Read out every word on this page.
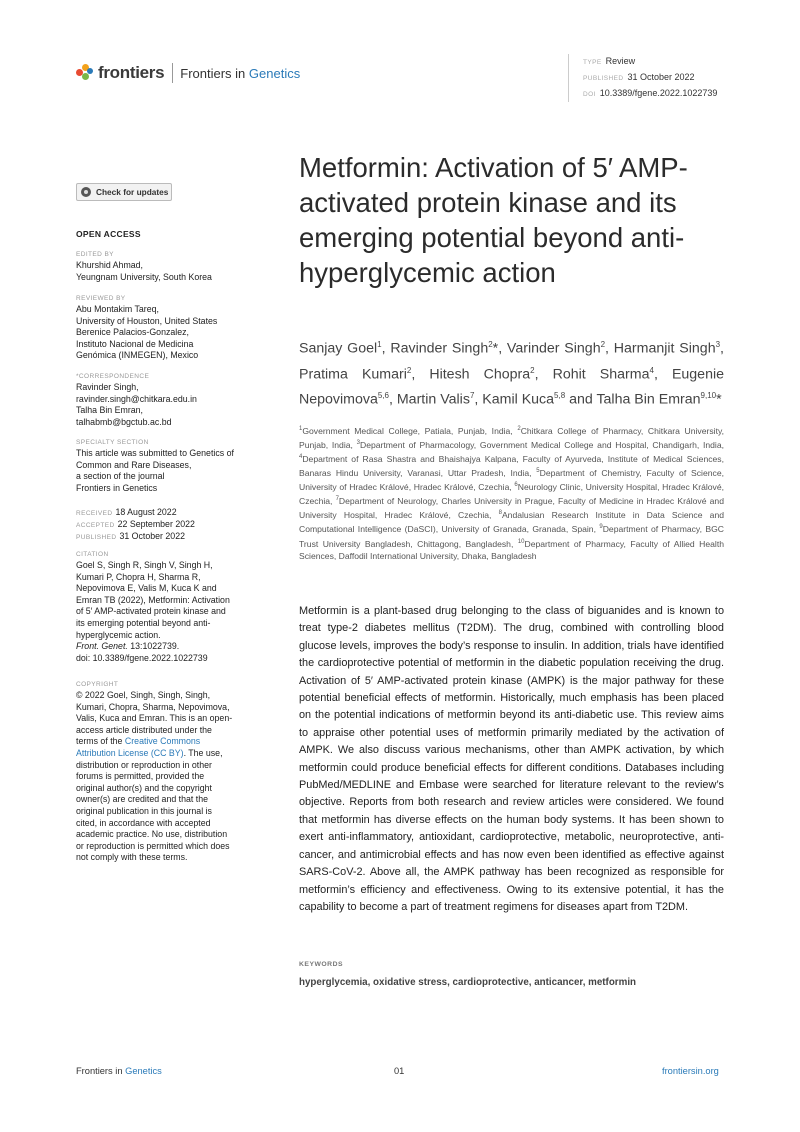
frontiers Frontiers in Genetics
TYPE Review
PUBLISHED 31 October 2022
DOI 10.3389/fgene.2022.1022739
Metformin: Activation of 5′ AMP-activated protein kinase and its emerging potential beyond anti-hyperglycemic action
Sanjay Goel$^1$, Ravinder Singh$^2$*, Varinder Singh$^2$, Harmanjit Singh$^3$, Pratima Kumari$^2$, Hitesh Chopra$^2$, Rohit Sharma$^4$, Eugenie Nepovimova$^{5,6}$, Martin Valis$^7$, Kamil Kuca$^{5,8}$ and Talha Bin Emran$^{9,10}$*
$^1$Government Medical College, Patiala, Punjab, India, $^2$Chitkara College of Pharmacy, Chitkara University, Punjab, India, $^3$Department of Pharmacology, Government Medical College and Hospital, Chandigarh, India, $^4$Department of Rasa Shastra and Bhaishajya Kalpana, Faculty of Ayurveda, Institute of Medical Sciences, Banaras Hindu University, Varanasi, Uttar Pradesh, India, $^5$Department of Chemistry, Faculty of Science, University of Hradec Králové, Hradec Králové, Czechia, $^6$Neurology Clinic, University Hospital, Hradec Králové, Czechia, $^7$Department of Neurology, Charles University in Prague, Faculty of Medicine in Hradec Králové and University Hospital, Hradec Králové, Czechia, $^8$Andalusian Research Institute in Data Science and Computational Intelligence (DaSCI), University of Granada, Granada, Spain, $^9$Department of Pharmacy, BGC Trust University Bangladesh, Chittagong, Bangladesh, $^{10}$Department of Pharmacy, Faculty of Allied Health Sciences, Daffodil International University, Dhaka, Bangladesh

Metformin is a plant-based drug belonging to the class of biguanides and is known to treat type-2 diabetes mellitus (T2DM). The drug, combined with controlling blood glucose levels, improves the body’s response to insulin. In addition, trials have identified the cardioprotective potential of metformin in the diabetic population receiving the drug. Activation of 5′ AMP-activated protein kinase (AMPK) is the major pathway for these potential beneficial effects of metformin. Historically, much emphasis has been placed on the potential indications of metformin beyond its anti-diabetic use. This review aims to appraise other potential uses of metformin primarily mediated by the activation of AMPK. We also discuss various mechanisms, other than AMPK activation, by which metformin could produce beneficial effects for different conditions. Databases including PubMed/MEDLINE and Embase were searched for literature relevant to the review’s objective. Reports from both research and review articles were considered. We found that metformin has diverse effects on the human body systems. It has been shown to exert anti-inflammatory, antioxidant, cardioprotective, metabolic, neuroprotective, anti-cancer, and antimicrobial effects and has now even been identified as effective against SARS-CoV-2. Above all, the AMPK pathway has been recognized as responsible for metformin’s efficiency and effectiveness. Owing to its extensive potential, it has the capability to become a part of treatment regimens for diseases apart from T2DM.

KEYWORDS
hyperglycemia, oxidative stress, cardioprotective, anticancer, metformin
Check for updates
OPEN ACCESS
EDITED BY
Khurshid Ahmad,
Yeungnam University, South Korea
REVIEWED BY
Abu Montakim Tareq,
University of Houston, United States
Berenice Palacios-Gonzalez,
Instituto Nacional de Medicina
Genómica (INMEGEN), Mexico
*CORRESPONDENCE
Ravinder Singh,
ravinder.singh@chitkara.edu.in
Talha Bin Emran,
talhabmb@bgctub.ac.bd
SPECIALTY SECTION
This article was submitted to Genetics of
Common and Rare Diseases,
a section of the journal
Frontiers in Genetics
RECEIVED 18 August 2022
ACCEPTED 22 September 2022
PUBLISHED 31 October 2022
CITATION
Goel S, Singh R, Singh V, Singh H,
Kumari P, Chopra H, Sharma R,
Nepovimova E, Valis M, Kuca K and
Emran TB (2022), Metformin: Activation
of 5′ AMP-activated protein kinase and
its emerging potential beyond anti-
hyperglycemic action.
Front. Genet. 13:1022739.
doi: 10.3389/fgene.2022.1022739
COPYRIGHT
© 2022 Goel, Singh, Singh, Singh,
Kumari, Chopra, Sharma, Nepovimova,
Valis, Kuca and Emran. This is an open-
access article distributed under the
terms of the Creative Commons
Attribution License (CC BY). The use,
distribution or reproduction in other
forums is permitted, provided the
original author(s) and the copyright
owner(s) are credited and that the
original publication in this journal is
cited, in accordance with accepted
academic practice. No use, distribution
or reproduction is permitted which does
not comply with these terms.
Frontiers in Genetics	01	frontiersin.org
